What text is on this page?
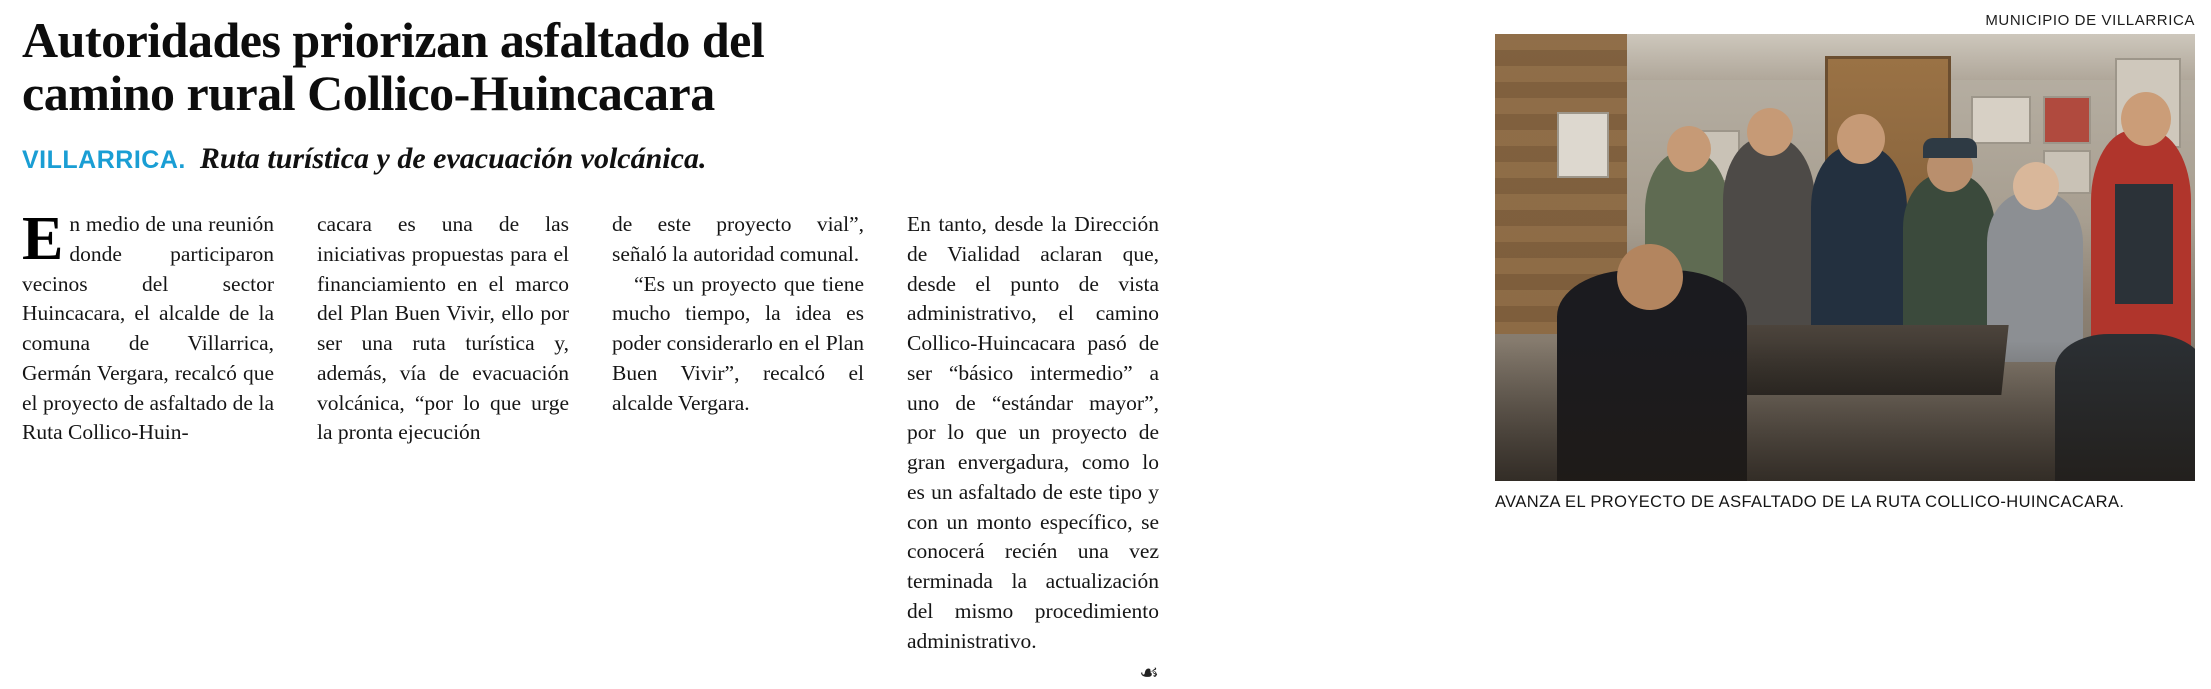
Autoridades priorizan asfaltado del
camino rural Collico-Huincacara
VILLARRICA. Ruta turística y de evacuación volcánica.

En medio de una reunión donde participaron vecinos del sector Huincacara, el alcalde de la comuna de Villarrica, Germán Vergara, recalcó que el proyecto de asfaltado de la Ruta Collico-Huin-

cacara es una de las iniciativas propuestas para el financiamiento en el marco del Plan Buen Vivir, ello por ser una ruta turística y, además, vía de evacuación volcánica, “por lo que urge la pronta ejecución

de este proyecto vial”, señaló la autoridad comunal.

“Es un proyecto que tiene mucho tiempo, la idea es poder considerarlo en el Plan Buen Vivir”, recalcó el alcalde Vergara.

En tanto, desde la Dirección de Vialidad aclaran que, desde el punto de vista administrativo, el camino Collico-Huincacara pasó de ser “básico intermedio” a uno de “estándar mayor”, por lo que un proyecto de gran envergadura, como lo es un asfaltado de este tipo y con un monto específico, se conocerá recién una vez terminada la actualización del mismo procedimiento administrativo.

☙
MUNICIPIO DE VILLARRICA
AVANZA EL PROYECTO DE ASFALTADO DE LA RUTA COLLICO-HUINCACARA.
